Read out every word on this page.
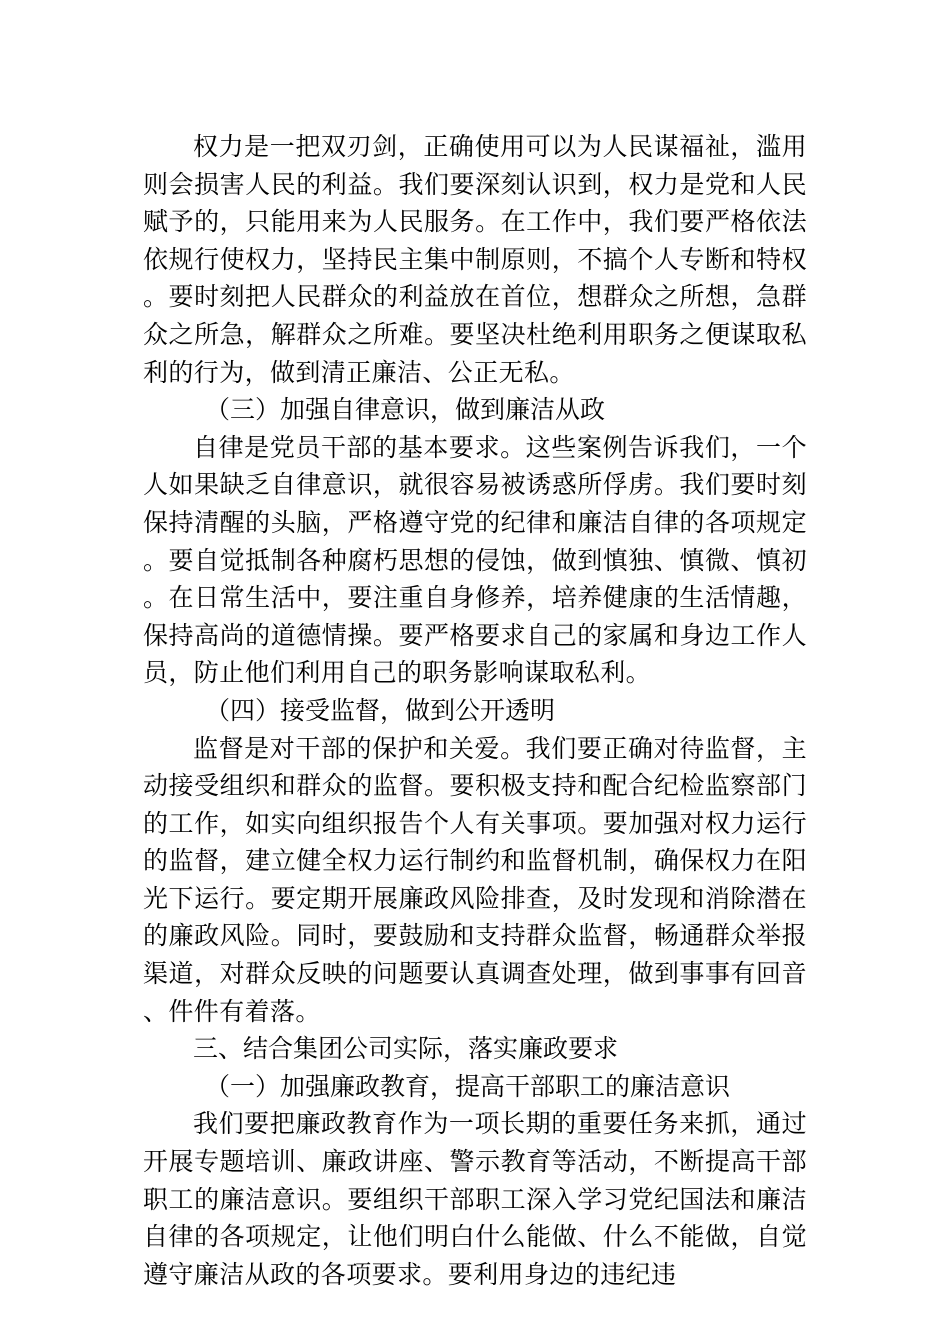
权力是一把双刃剑，正确使用可以为人民谋福祉，滥用则会损害人民的利益。我们要深刻认识到，权力是党和人民赋予的，只能用来为人民服务。在工作中，我们要严格依法依规行使权力，坚持民主集中制原则，不搞个人专断和特权。要时刻把人民群众的利益放在首位，想群众之所想，急群众之所急，解群众之所难。要坚决杜绝利用职务之便谋取私利的行为，做到清正廉洁、公正无私。

（三）加强自律意识，做到廉洁从政

自律是党员干部的基本要求。这些案例告诉我们，一个人如果缺乏自律意识，就很容易被诱惑所俘虏。我们要时刻保持清醒的头脑，严格遵守党的纪律和廉洁自律的各项规定。要自觉抵制各种腐朽思想的侵蚀，做到慎独、慎微、慎初。在日常生活中，要注重自身修养，培养健康的生活情趣，保持高尚的道德情操。要严格要求自己的家属和身边工作人员，防止他们利用自己的职务影响谋取私利。

（四）接受监督，做到公开透明

监督是对干部的保护和关爱。我们要正确对待监督，主动接受组织和群众的监督。要积极支持和配合纪检监察部门的工作，如实向组织报告个人有关事项。要加强对权力运行的监督，建立健全权力运行制约和监督机制，确保权力在阳光下运行。要定期开展廉政风险排查，及时发现和消除潜在的廉政风险。同时，要鼓励和支持群众监督，畅通群众举报渠道，对群众反映的问题要认真调查处理，做到事事有回音、件件有着落。

三、结合集团公司实际，落实廉政要求

（一）加强廉政教育，提高干部职工的廉洁意识

我们要把廉政教育作为一项长期的重要任务来抓，通过开展专题培训、廉政讲座、警示教育等活动，不断提高干部职工的廉洁意识。要组织干部职工深入学习党纪国法和廉洁自律的各项规定，让他们明白什么能做、什么不能做，自觉遵守廉洁从政的各项要求。要利用身边的违纪违
